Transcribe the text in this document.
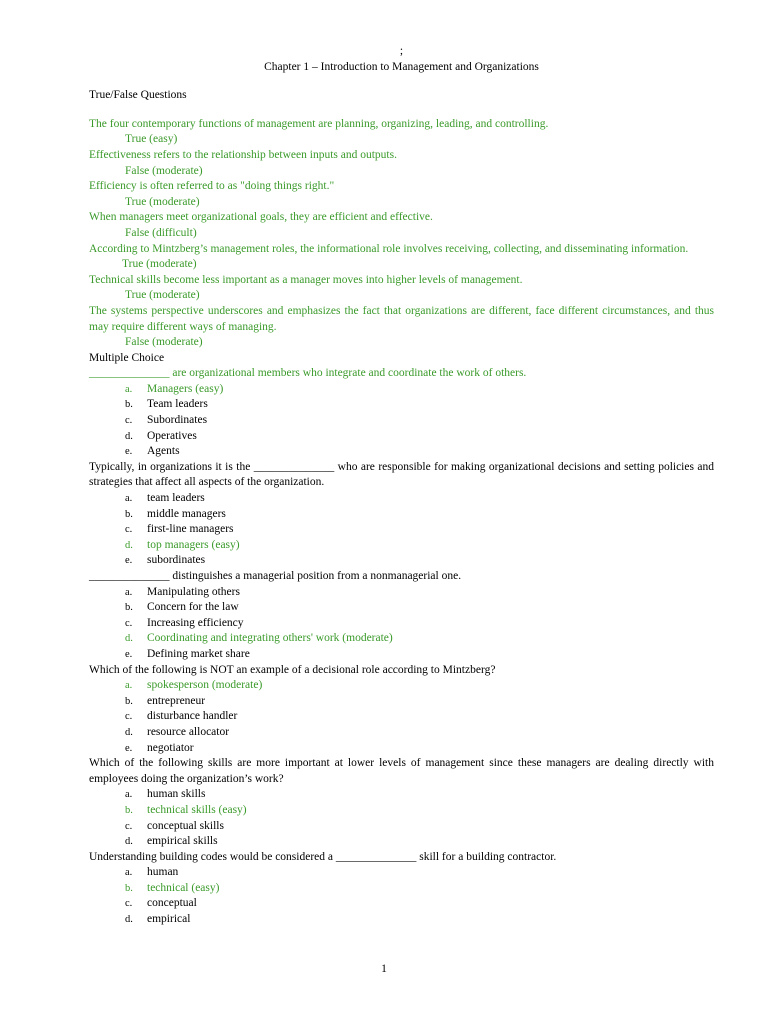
;
Chapter 1 – Introduction to Management and Organizations
True/False Questions
The four contemporary functions of management are planning, organizing, leading, and controlling.
True (easy)
Effectiveness refers to the relationship between inputs and outputs.
False (moderate)
Efficiency is often referred to as "doing things right."
True (moderate)
When managers meet organizational goals, they are efficient and effective.
False (difficult)
According to Mintzberg’s management roles, the informational role involves receiving, collecting, and disseminating information.
True (moderate)
Technical skills become less important as a manager moves into higher levels of management.
True (moderate)
The systems perspective underscores and emphasizes the fact that organizations are different, face different circumstances, and thus may require different ways of managing.
False (moderate)
Multiple Choice
______________ are organizational members who integrate and coordinate the work of others.
a.	Managers (easy)
b.	Team leaders
c.	Subordinates
d.	Operatives
e.	Agents
Typically, in organizations it is the ______________ who are responsible for making organizational decisions and setting policies and strategies that affect all aspects of the organization.
a.	team leaders
b.	middle managers
c.	first-line managers
d.	top managers (easy)
e.	subordinates
______________ distinguishes a managerial position from a nonmanagerial one.
a.	Manipulating others
b.	Concern for the law
c.	Increasing efficiency
d.	Coordinating and integrating others' work (moderate)
e.	Defining market share
Which of the following is NOT an example of a decisional role according to Mintzberg?
a.	spokesperson (moderate)
b.	entrepreneur
c.	disturbance handler
d.	resource allocator
e.	negotiator
Which of the following skills are more important at lower levels of management since these managers are dealing directly with employees doing the organization’s work?
a.	human skills
b.	technical skills (easy)
c.	conceptual skills
d.	empirical skills
Understanding building codes would be considered a ______________ skill for a building contractor.
a.	human
b.	technical (easy)
c.	conceptual
d.	empirical
1
